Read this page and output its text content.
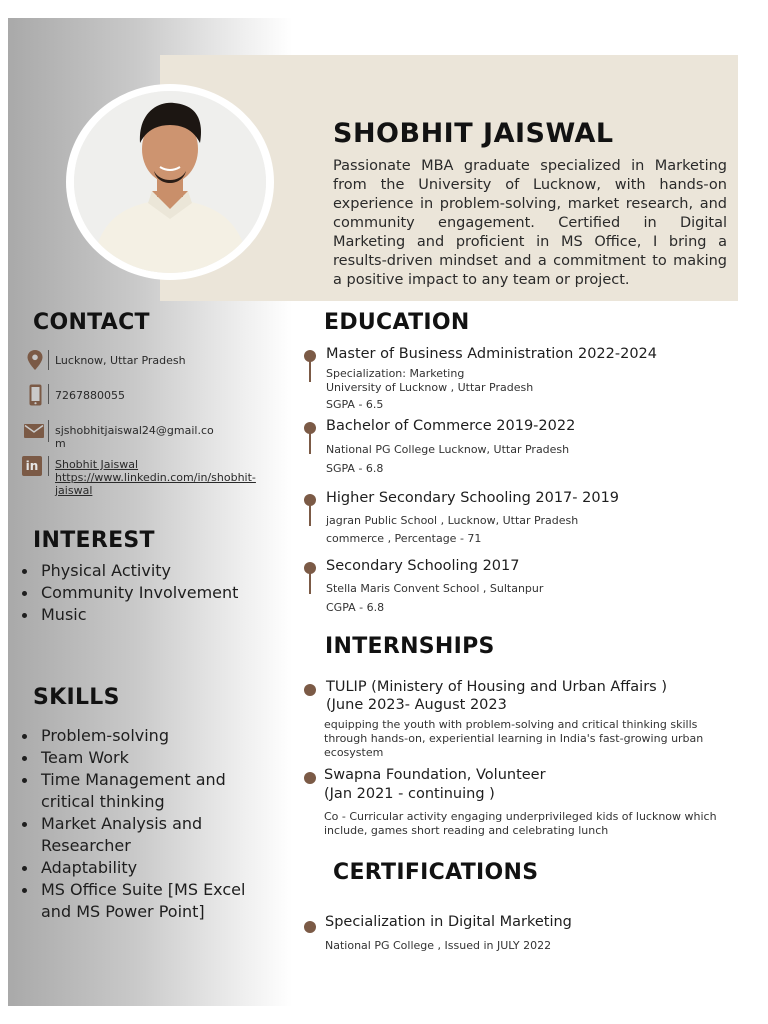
SHOBHIT JAISWAL
Passionate MBA graduate specialized in Marketing from the University of Lucknow, with hands-on experience in problem-solving, market research, and community engagement. Certified in Digital Marketing and proficient in MS Office, I bring a results-driven mindset and a commitment to making a positive impact to any team or project.
CONTACT
Lucknow, Uttar Pradesh
7267880055
sjshobhitjaiswal24@gmail.co
m
in	Shobhit Jaiswal
https://www.linkedin.com/in/shobhit-
jaiswal
INTEREST
Physical Activity
Community Involvement
Music
SKILLS
Problem-solving
Team Work
Time Management and critical thinking
Market Analysis and Researcher
Adaptability
MS Office Suite [MS Excel and MS Power Point]
EDUCATION
Master of Business Administration 2022-2024
Specialization: Marketing
University of Lucknow , Uttar Pradesh
SGPA - 6.5
Bachelor of Commerce 2019-2022
National PG College Lucknow, Uttar Pradesh
SGPA - 6.8
Higher Secondary Schooling 2017- 2019
jagran Public School , Lucknow, Uttar Pradesh
commerce , Percentage - 71
Secondary Schooling 2017
Stella Maris Convent School , Sultanpur
CGPA - 6.8
INTERNSHIPS
TULIP (Ministery of Housing and Urban Affairs )
(June 2023- August 2023
equipping the youth with problem-solving and critical thinking skills through hands-on, experiential learning in India's fast-growing urban ecosystem
Swapna Foundation, Volunteer
(Jan 2021 - continuing )
Co - Curricular activity engaging underprivileged kids of lucknow which include, games short reading and celebrating lunch
CERTIFICATIONS
Specialization in Digital Marketing
National PG College , Issued in JULY 2022
